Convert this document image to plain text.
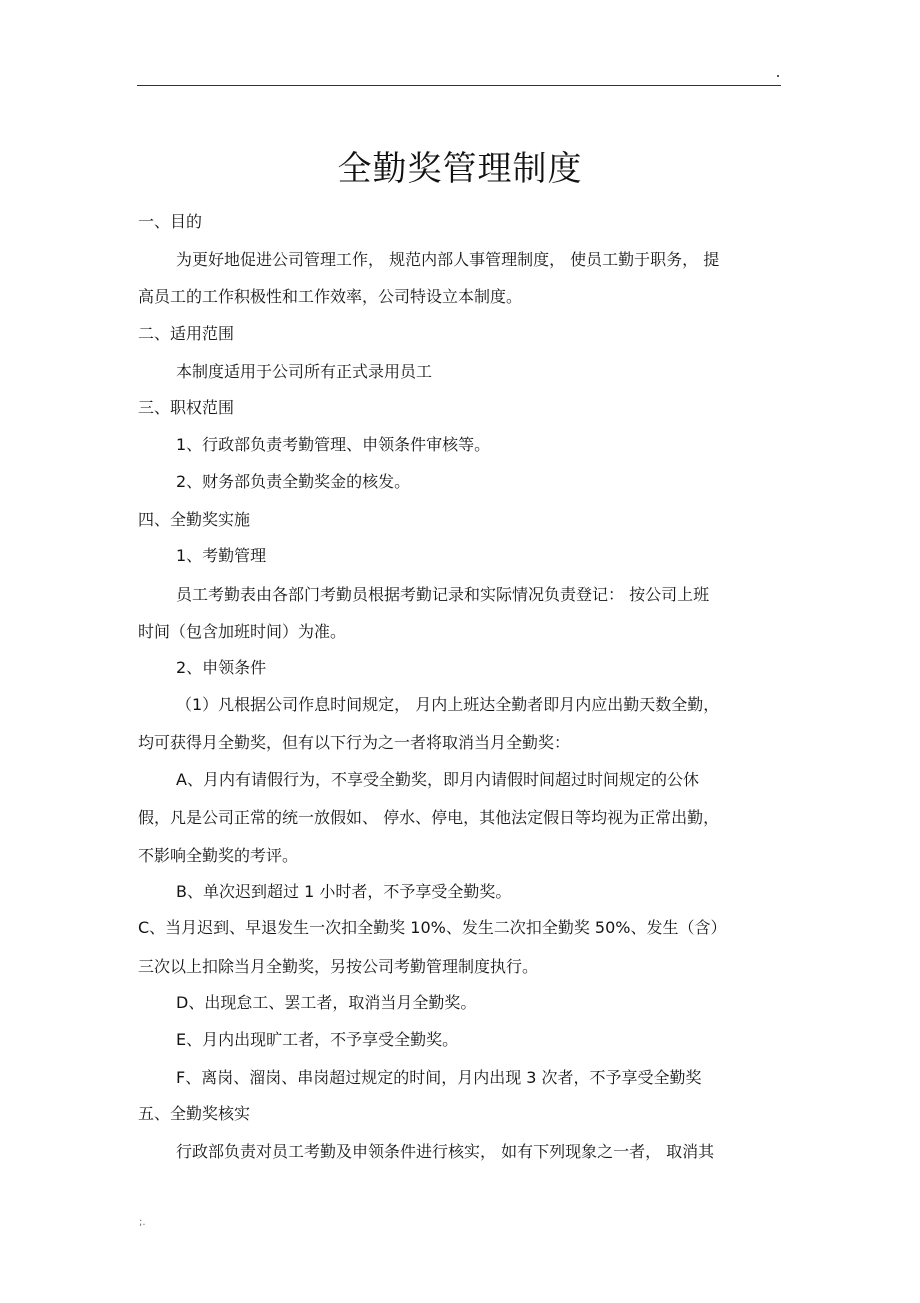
全勤奖管理制度
一、目的
为更好地促进公司管理工作， 规范内部人事管理制度， 使员工勤于职务， 提
高员工的工作积极性和工作效率，公司特设立本制度。
二、适用范围
本制度适用于公司所有正式录用员工
三、职权范围
1、行政部负责考勤管理、申领条件审核等。
2、财务部负责全勤奖金的核发。
四、全勤奖实施
1、考勤管理
员工考勤表由各部门考勤员根据考勤记录和实际情况负责登记： 按公司上班
时间（包含加班时间）为准。
2、申领条件
（1）凡根据公司作息时间规定， 月内上班达全勤者即月内应出勤天数全勤，
均可获得月全勤奖，但有以下行为之一者将取消当月全勤奖：
A、月内有请假行为，不享受全勤奖，即月内请假时间超过时间规定的公休
假，凡是公司正常的统一放假如、 停水、停电，其他法定假日等均视为正常出勤，
不影响全勤奖的考评。
B、单次迟到超过 1 小时者，不予享受全勤奖。
C、当月迟到、早退发生一次扣全勤奖 10%、发生二次扣全勤奖 50%、发生（含）
三次以上扣除当月全勤奖，另按公司考勤管理制度执行。
D、出现怠工、罢工者，取消当月全勤奖。
E、月内出现旷工者，不予享受全勤奖。
F、离岗、溜岗、串岗超过规定的时间，月内出现 3 次者，不予享受全勤奖
五、全勤奖核实
行政部负责对员工考勤及申领条件进行核实， 如有下列现象之一者， 取消其
;.
